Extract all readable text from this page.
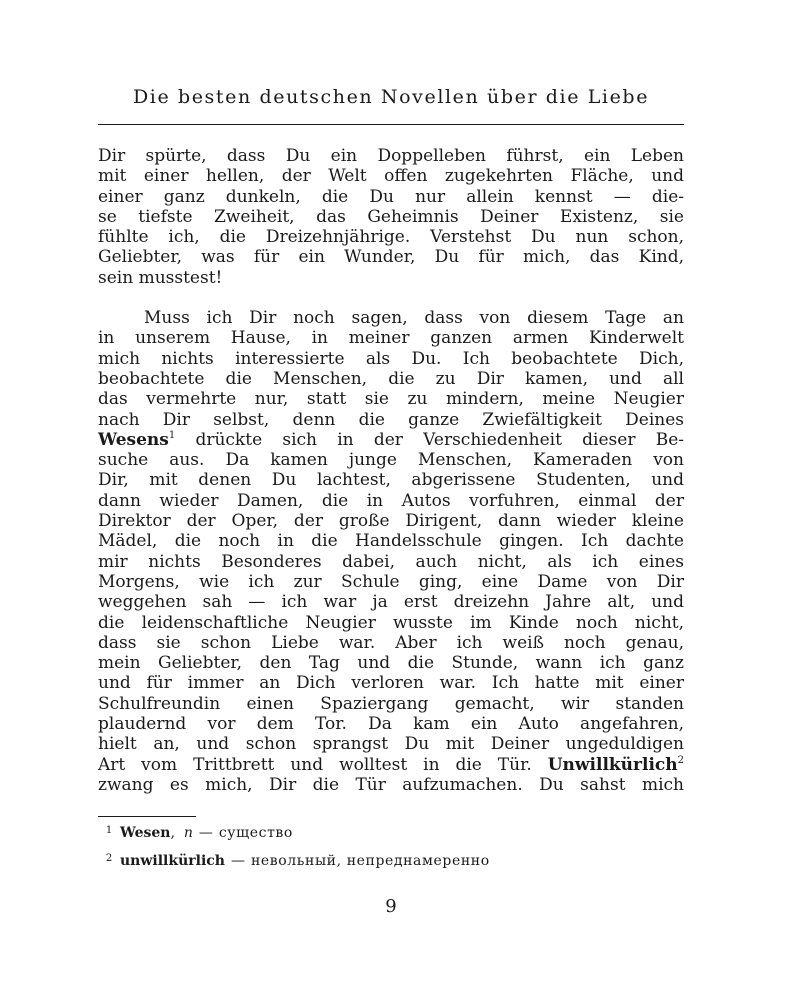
Die besten deutschen Novellen über die Liebe
Dir spürte, dass Du ein Doppelleben führst, ein Leben
mit einer hellen, der Welt offen zugekehrten Fläche, und
einer ganz dunkeln, die Du nur allein kennst — die-
se tiefste Zweiheit, das Geheimnis Deiner Existenz, sie
fühlte ich, die Dreizehnjährige. Verstehst Du nun schon,
Geliebter, was für ein Wunder, Du für mich, das Kind,
sein musstest!
Muss ich Dir noch sagen, dass von diesem Tage an
in unserem Hause, in meiner ganzen armen Kinderwelt
mich nichts interessierte als Du. Ich beobachtete Dich,
beobachtete die Menschen, die zu Dir kamen, und all
das vermehrte nur, statt sie zu mindern, meine Neugier
nach Dir selbst, denn die ganze Zwiefältigkeit Deines
Wesens$^1$ drückte sich in der Verschiedenheit dieser Be-
suche aus. Da kamen junge Menschen, Kameraden von
Dir, mit denen Du lachtest, abgerissene Studenten, und
dann wieder Damen, die in Autos vorfuhren, einmal der
Direktor der Oper, der große Dirigent, dann wieder kleine
Mädel, die noch in die Handelsschule gingen. Ich dachte
mir nichts Besonderes dabei, auch nicht, als ich eines
Morgens, wie ich zur Schule ging, eine Dame von Dir
weggehen sah — ich war ja erst dreizehn Jahre alt, und
die leidenschaftliche Neugier wusste im Kinde noch nicht,
dass sie schon Liebe war. Aber ich weiß noch genau,
mein Geliebter, den Tag und die Stunde, wann ich ganz
und für immer an Dich verloren war. Ich hatte mit einer
Schulfreundin einen Spaziergang gemacht, wir standen
plaudernd vor dem Tor. Da kam ein Auto angefahren,
hielt an, und schon sprangst Du mit Deiner ungeduldigen
Art vom Trittbrett und wolltest in die Tür. Unwillkürlich$^2$
zwang es mich, Dir die Tür aufzumachen. Du sahst mich
1 Wesen, n — существо
2 unwillkürlich — невольный, непреднамеренно
9
